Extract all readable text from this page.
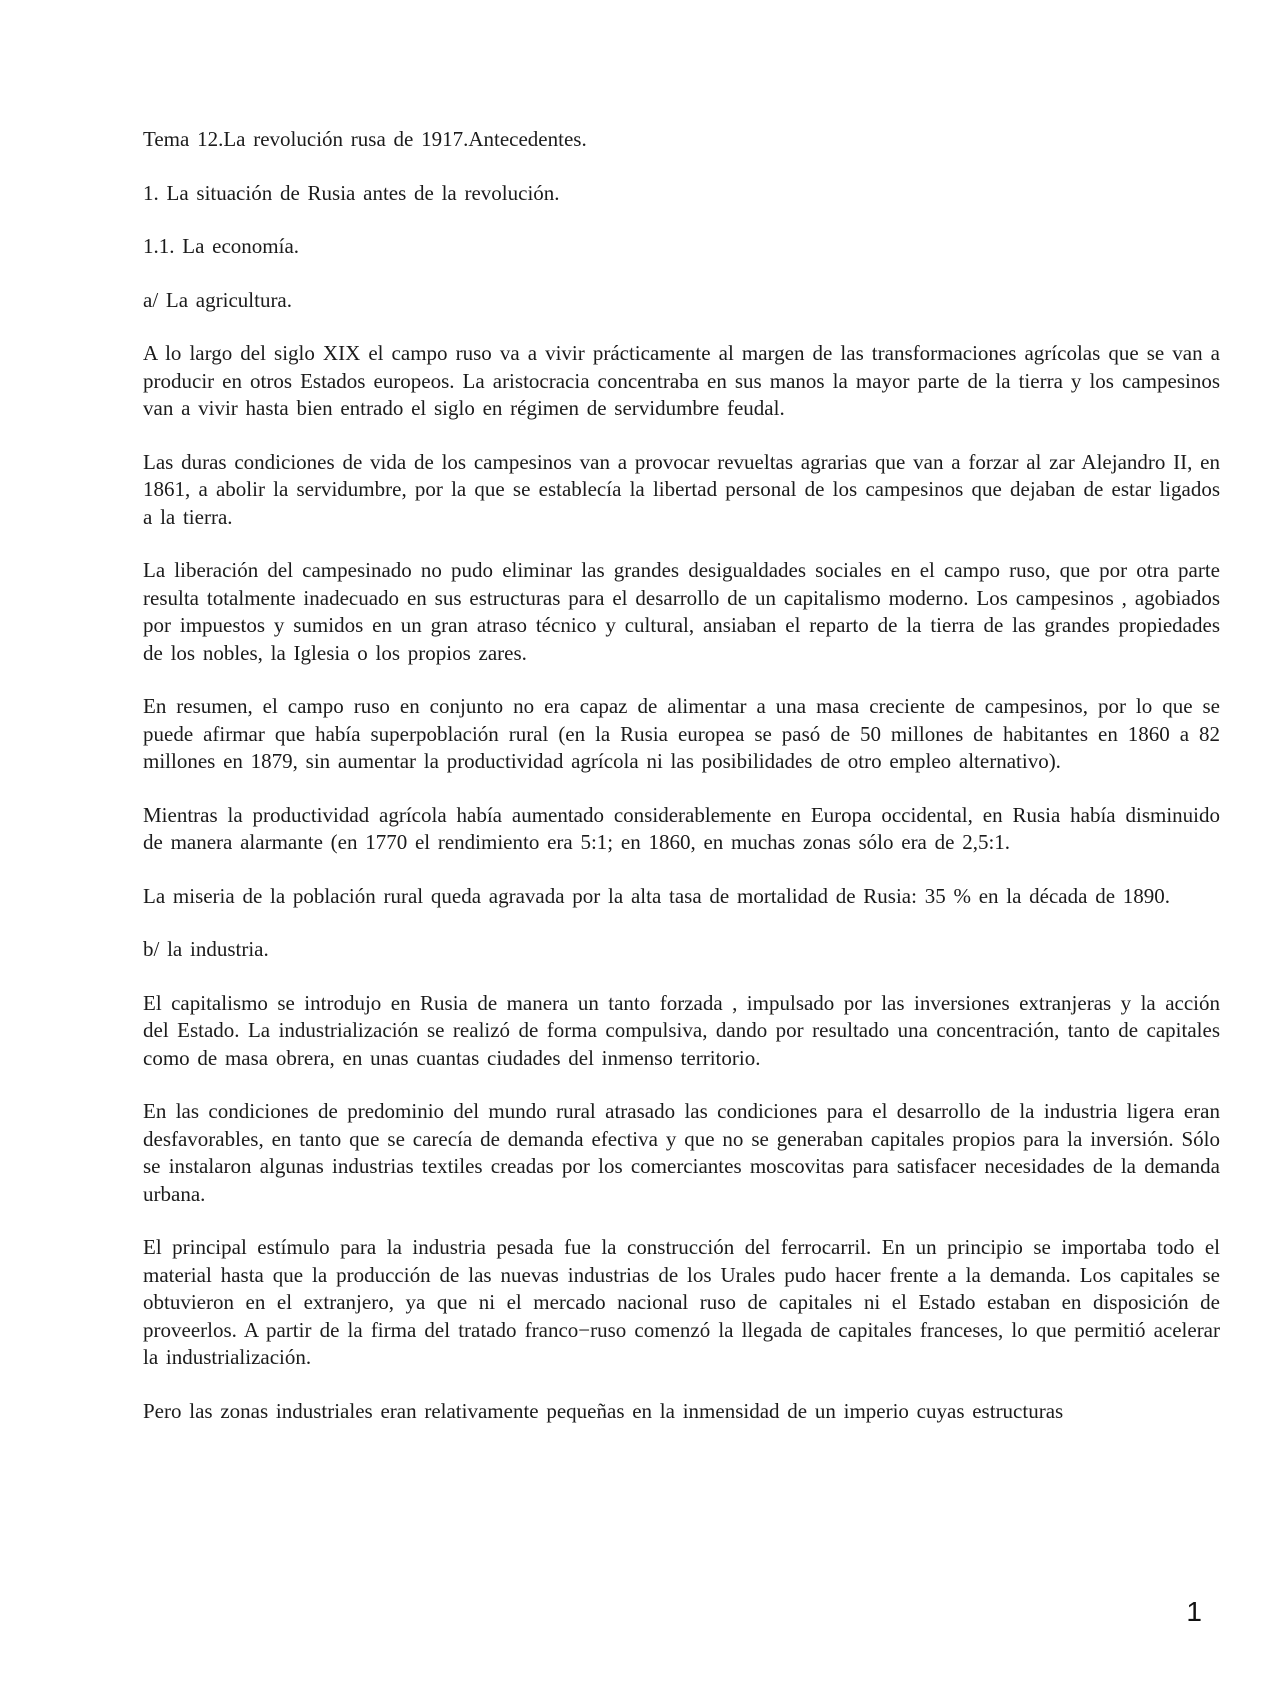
Tema 12.La revolución rusa de 1917.Antecedentes.
1. La situación de Rusia antes de la revolución.
1.1. La economía.
a/ La agricultura.
A lo largo del siglo XIX el campo ruso va a vivir prácticamente al margen de las transformaciones agrícolas que se van a producir en otros Estados europeos. La aristocracia concentraba en sus manos la mayor parte de la tierra y los campesinos van a vivir hasta bien entrado el siglo en régimen de servidumbre feudal.
Las duras condiciones de vida de los campesinos van a provocar revueltas agrarias que van a forzar al zar Alejandro II, en 1861, a abolir la servidumbre, por la que se establecía la libertad personal de los campesinos que dejaban de estar ligados a la tierra.
La liberación del campesinado no pudo eliminar las grandes desigualdades sociales en el campo ruso, que por otra parte resulta totalmente inadecuado en sus estructuras para el desarrollo de un capitalismo moderno. Los campesinos , agobiados por impuestos y sumidos en un gran atraso técnico y cultural, ansiaban el reparto de la tierra de las grandes propiedades de los nobles, la Iglesia o los propios zares.
En resumen, el campo ruso en conjunto no era capaz de alimentar a una masa creciente de campesinos, por lo que se puede afirmar que había superpoblación rural (en la Rusia europea se pasó de 50 millones de habitantes en 1860 a 82 millones en 1879, sin aumentar la productividad agrícola ni las posibilidades de otro empleo alternativo).
Mientras la productividad agrícola había aumentado considerablemente en Europa occidental, en Rusia había disminuido de manera alarmante (en 1770 el rendimiento era 5:1; en 1860, en muchas zonas sólo era de 2,5:1.
La miseria de la población rural queda agravada por la alta tasa de mortalidad de Rusia: 35 % en la década de 1890.
b/ la industria.
El capitalismo se introdujo en Rusia de manera un tanto forzada , impulsado por las inversiones extranjeras y la acción del Estado. La industrialización se realizó de forma compulsiva, dando por resultado una concentración, tanto de capitales como de masa obrera, en unas cuantas ciudades del inmenso territorio.
En las condiciones de predominio del mundo rural atrasado las condiciones para el desarrollo de la industria ligera eran desfavorables, en tanto que se carecía de demanda efectiva y que no se generaban capitales propios para la inversión. Sólo se instalaron algunas industrias textiles creadas por los comerciantes moscovitas para satisfacer necesidades de la demanda urbana.
El principal estímulo para la industria pesada fue la construcción del ferrocarril. En un principio se importaba todo el material hasta que la producción de las nuevas industrias de los Urales pudo hacer frente a la demanda. Los capitales se obtuvieron en el extranjero, ya que ni el mercado nacional ruso de capitales ni el Estado estaban en disposición de proveerlos. A partir de la firma del tratado franco−ruso comenzó la llegada de capitales franceses, lo que permitió acelerar la industrialización.
Pero las zonas industriales eran relativamente pequeñas en la inmensidad de un imperio cuyas estructuras
1
